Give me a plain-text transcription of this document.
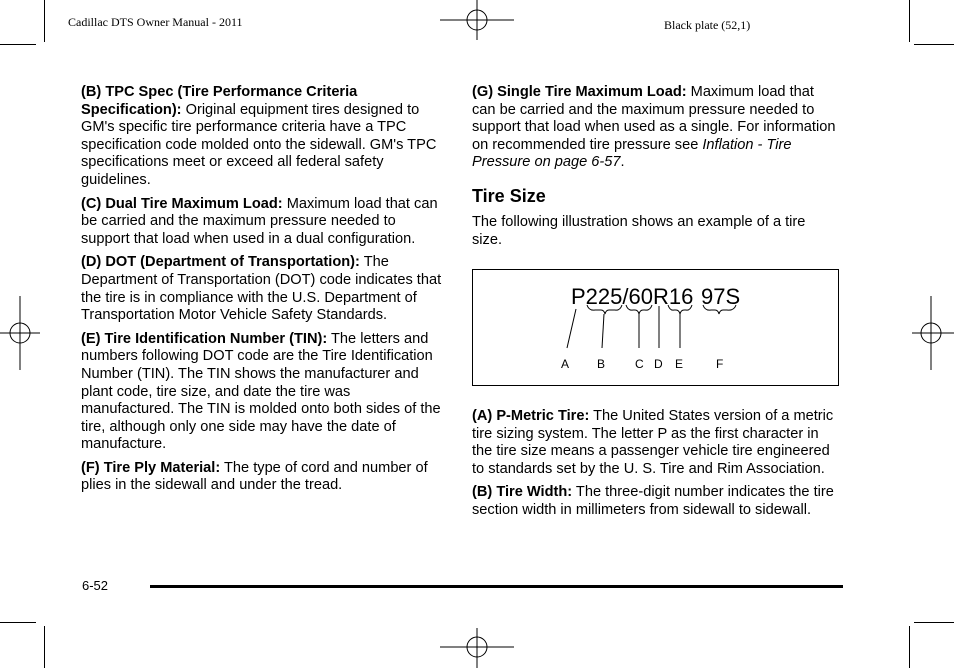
Cadillac DTS Owner Manual - 2011	Black plate (52,1)

(B) TPC Spec (Tire Performance Criteria Specification): Original equipment tires designed to GM's specific tire performance criteria have a TPC specification code molded onto the sidewall. GM's TPC specifications meet or exceed all federal safety guidelines.

(C) Dual Tire Maximum Load: Maximum load that can be carried and the maximum pressure needed to support that load when used in a dual configuration.

(D) DOT (Department of Transportation): The Department of Transportation (DOT) code indicates that the tire is in compliance with the U.S. Department of Transportation Motor Vehicle Safety Standards.

(E) Tire Identification Number (TIN): The letters and numbers following DOT code are the Tire Identification Number (TIN). The TIN shows the manufacturer and plant code, tire size, and date the tire was manufactured. The TIN is molded onto both sides of the tire, although only one side may have the date of manufacture.

(F) Tire Ply Material: The type of cord and number of plies in the sidewall and under the tread.

(G) Single Tire Maximum Load: Maximum load that can be carried and the maximum pressure needed to support that load when used as a single. For information on recommended tire pressure see Inflation - Tire Pressure on page 6-57.

Tire Size

The following illustration shows an example of a tire size.

P225/60R16 97S
A B C D E	F

(A) P-Metric Tire: The United States version of a metric tire sizing system. The letter P as the first character in the tire size means a passenger vehicle tire engineered to standards set by the U. S. Tire and Rim Association.

(B) Tire Width: The three-digit number indicates the tire section width in millimeters from sidewall to sidewall.

6-52
